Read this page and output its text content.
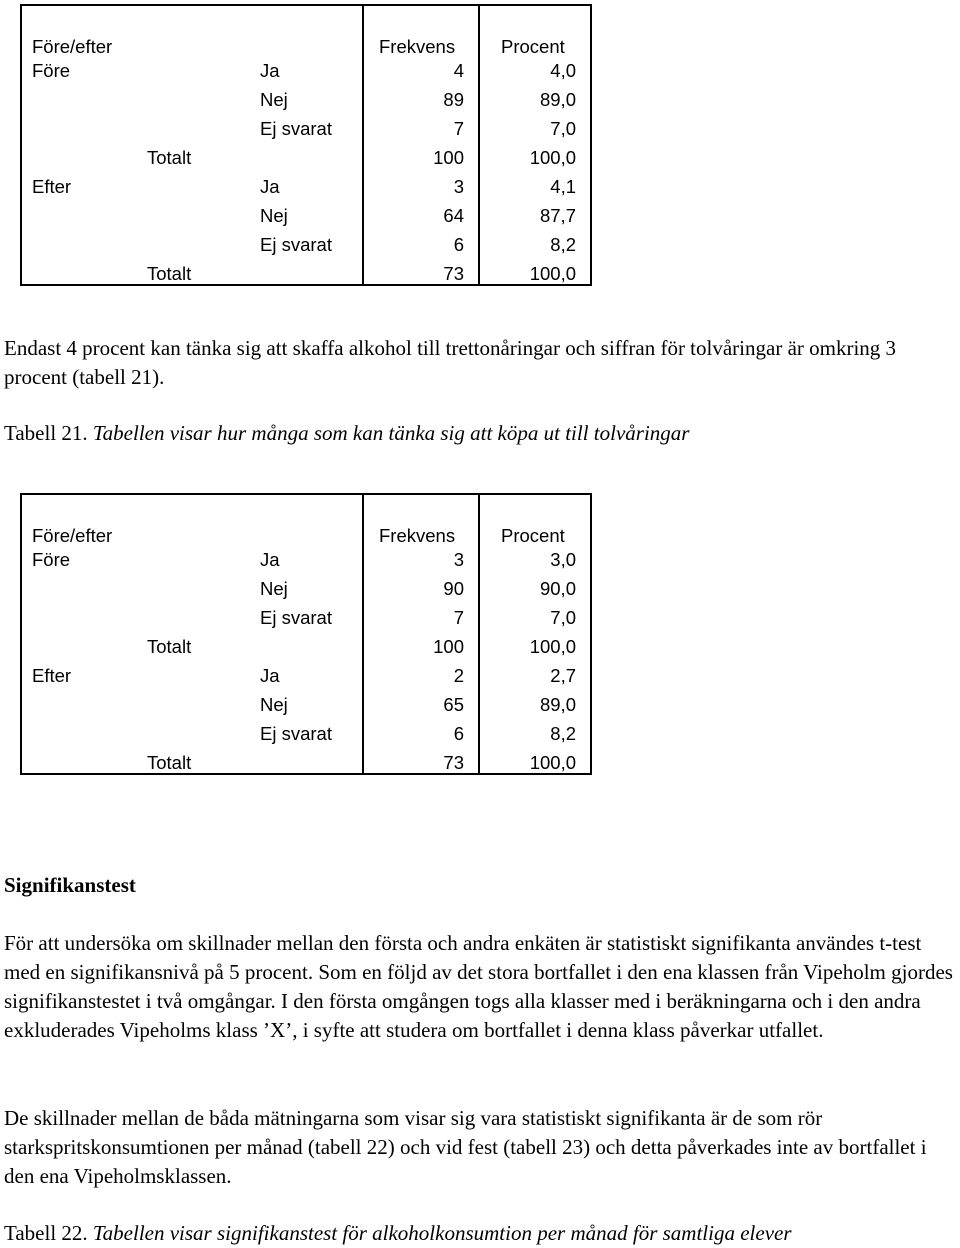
Före/efter	Frekvens Procent
Före	Ja	4	4,0
Nej	89	89,0
Ej svarat	7	7,0
Totalt	100	100,0
Efter	Ja	3	4,1
Nej	64	87,7
Ej svarat	6	8,2
Totalt	73	100,0

Endast 4 procent kan tänka sig att skaffa alkohol till trettonåringar och siffran för tolvåringar är omkring 3 procent (tabell 21).

Tabell 21. Tabellen visar hur många som kan tänka sig att köpa ut till tolvåringar
Före/efter	Frekvens Procent
Före	Ja	3	3,0
Nej	90	90,0
Ej svarat	7	7,0
Totalt	100	100,0
Efter	Ja	2	2,7
Nej	65	89,0
Ej svarat	6	8,2
Totalt	73	100,0
Signifikanstest

För att undersöka om skillnader mellan den första och andra enkäten är statistiskt signifikanta användes t-test med en signifikansnivå på 5 procent. Som en följd av det stora bortfallet i den ena klassen från Vipeholm gjordes signifikanstestet i två omgångar. I den första omgången togs alla klasser med i beräkningarna och i den andra exkluderades Vipeholms klass ’X’, i syfte att studera om bortfallet i denna klass påverkar utfallet.

De skillnader mellan de båda mätningarna som visar sig vara statistiskt signifikanta är de som rör starkspritskonsumtionen per månad (tabell 22) och vid fest (tabell 23) och detta påverkades inte av bortfallet i den ena Vipeholmsklassen.

Tabell 22. Tabellen visar signifikanstest för alkoholkonsumtion per månad för samtliga elever
